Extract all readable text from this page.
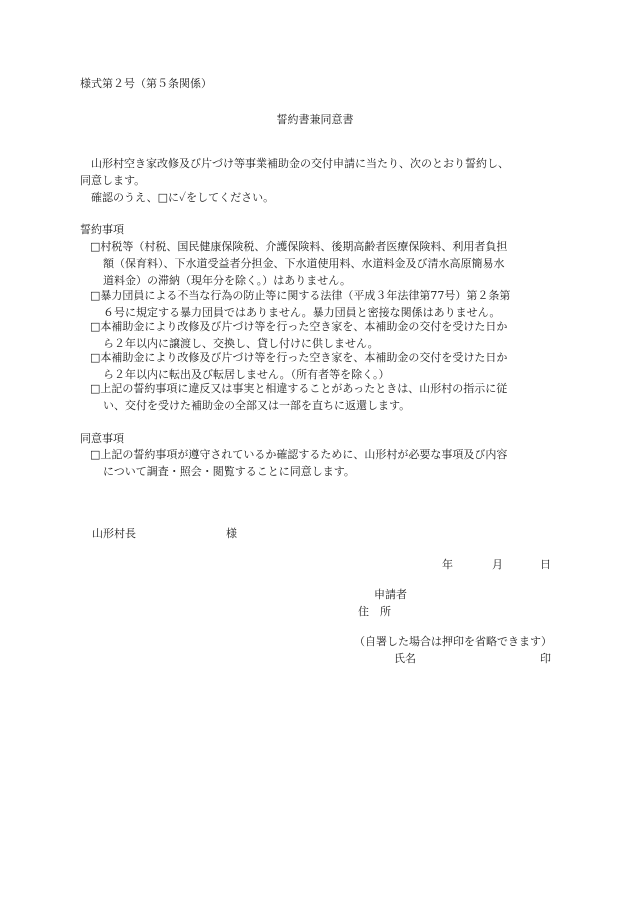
様式第２号（第５条関係）
誓約書兼同意書
　山形村空き家改修及び片づけ等事業補助金の交付申請に当たり、次のとおり誓約し、
同意します。
　確認のうえ、□に✓をしてください。
誓約事項
□村税等（村税、国民健康保険税、介護保険料、後期高齢者医療保険料、利用者負担
額（保育料）、下水道受益者分担金、下水道使用料、水道料金及び清水高原簡易水
道料金）の滞納（現年分を除く。）はありません。
□暴力団員による不当な行為の防止等に関する法律（平成３年法律第77号）第２条第
６号に規定する暴力団員ではありません。暴力団員と密接な関係はありません。
□本補助金により改修及び片づけ等を行った空き家を、本補助金の交付を受けた日か
ら２年以内に譲渡し、交換し、貸し付けに供しません。
□本補助金により改修及び片づけ等を行った空き家を、本補助金の交付を受けた日か
ら２年以内に転出及び転居しません。（所有者等を除く。）
□上記の誓約事項に違反又は事実と相違することがあったときは、山形村の指示に従
い、交付を受けた補助金の全部又は一部を直ちに返還します。
同意事項
□上記の誓約事項が遵守されているか確認するために、山形村が必要な事項及び内容
について調査・照会・閲覧することに同意します。
山形村長	様
年	月	日
申請者
住　所
（自署した場合は押印を省略できます）
氏名	印
